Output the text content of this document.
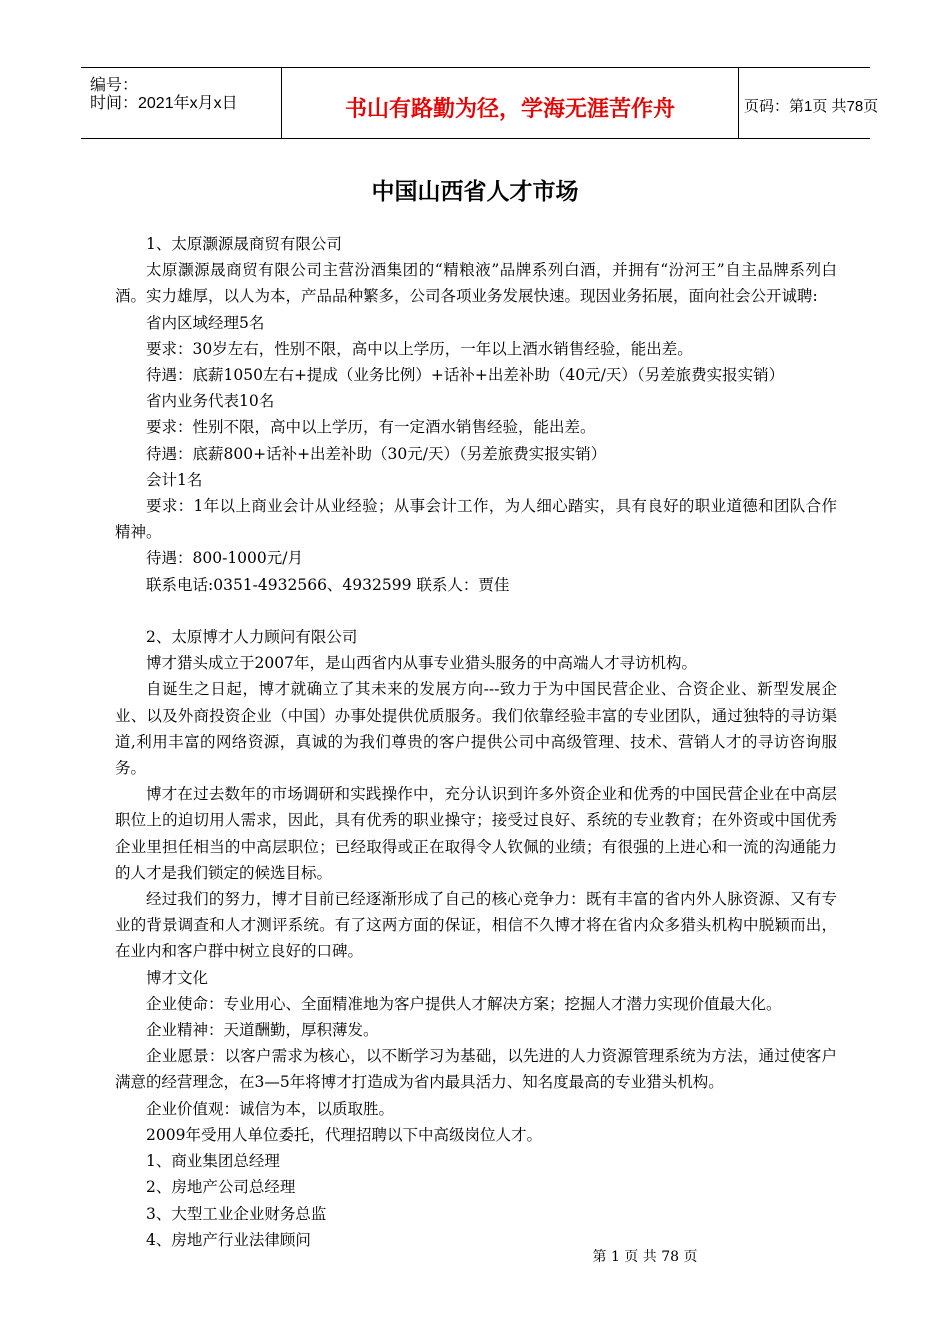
编号：
时间：2021年x月x日	书山有路勤为径，学海无涯苦作舟	页码：第1页 共78页
中国山西省人才市场

1、太原灏源晟商贸有限公司

太原灏源晟商贸有限公司主营汾酒集团的“精粮液”品牌系列白酒，并拥有“汾河王”自主品牌系列白酒。实力雄厚，以人为本，产品品种繁多，公司各项业务发展快速。现因业务拓展，面向社会公开诚聘:

省内区域经理5名

要求：30岁左右，性别不限，高中以上学历，一年以上酒水销售经验，能出差。

待遇：底薪1050左右+提成（业务比例）+话补+出差补助（40元/天）（另差旅费实报实销）

省内业务代表10名

要求：性别不限，高中以上学历，有一定酒水销售经验，能出差。

待遇：底薪800+话补+出差补助（30元/天）（另差旅费实报实销）

会计1名

要求：1年以上商业会计从业经验；从事会计工作，为人细心踏实，具有良好的职业道德和团队合作精神。

待遇：800-1000元/月

联系电话:0351-4932566、4932599 联系人：贾佳

2、太原博才人力顾问有限公司

博才猎头成立于2007年，是山西省内从事专业猎头服务的中高端人才寻访机构。

自诞生之日起，博才就确立了其未来的发展方向---致力于为中国民营企业、合资企业、新型发展企业、以及外商投资企业（中国）办事处提供优质服务。我们依靠经验丰富的专业团队，通过独特的寻访渠道,利用丰富的网络资源，真诚的为我们尊贵的客户提供公司中高级管理、技术、营销人才的寻访咨询服务。

博才在过去数年的市场调研和实践操作中，充分认识到许多外资企业和优秀的中国民营企业在中高层职位上的迫切用人需求，因此，具有优秀的职业操守；接受过良好、系统的专业教育；在外资或中国优秀企业里担任相当的中高层职位；已经取得或正在取得令人钦佩的业绩；有很强的上进心和一流的沟通能力的人才是我们锁定的候选目标。

经过我们的努力，博才目前已经逐渐形成了自己的核心竞争力：既有丰富的省内外人脉资源、又有专业的背景调查和人才测评系统。有了这两方面的保证，相信不久博才将在省内众多猎头机构中脱颖而出，在业内和客户群中树立良好的口碑。

博才文化

企业使命：专业用心、全面精准地为客户提供人才解决方案；挖掘人才潜力实现价值最大化。

企业精神：天道酬勤，厚积薄发。

企业愿景：以客户需求为核心，以不断学习为基础，以先进的人力资源管理系统为方法，通过使客户满意的经营理念，在3—5年将博才打造成为省内最具活力、知名度最高的专业猎头机构。

企业价值观：诚信为本，以质取胜。

2009年受用人单位委托，代理招聘以下中高级岗位人才。

1、商业集团总经理

2、房地产公司总经理

3、大型工业企业财务总监

4、房地产行业法律顾问

第 1 页 共 78 页
